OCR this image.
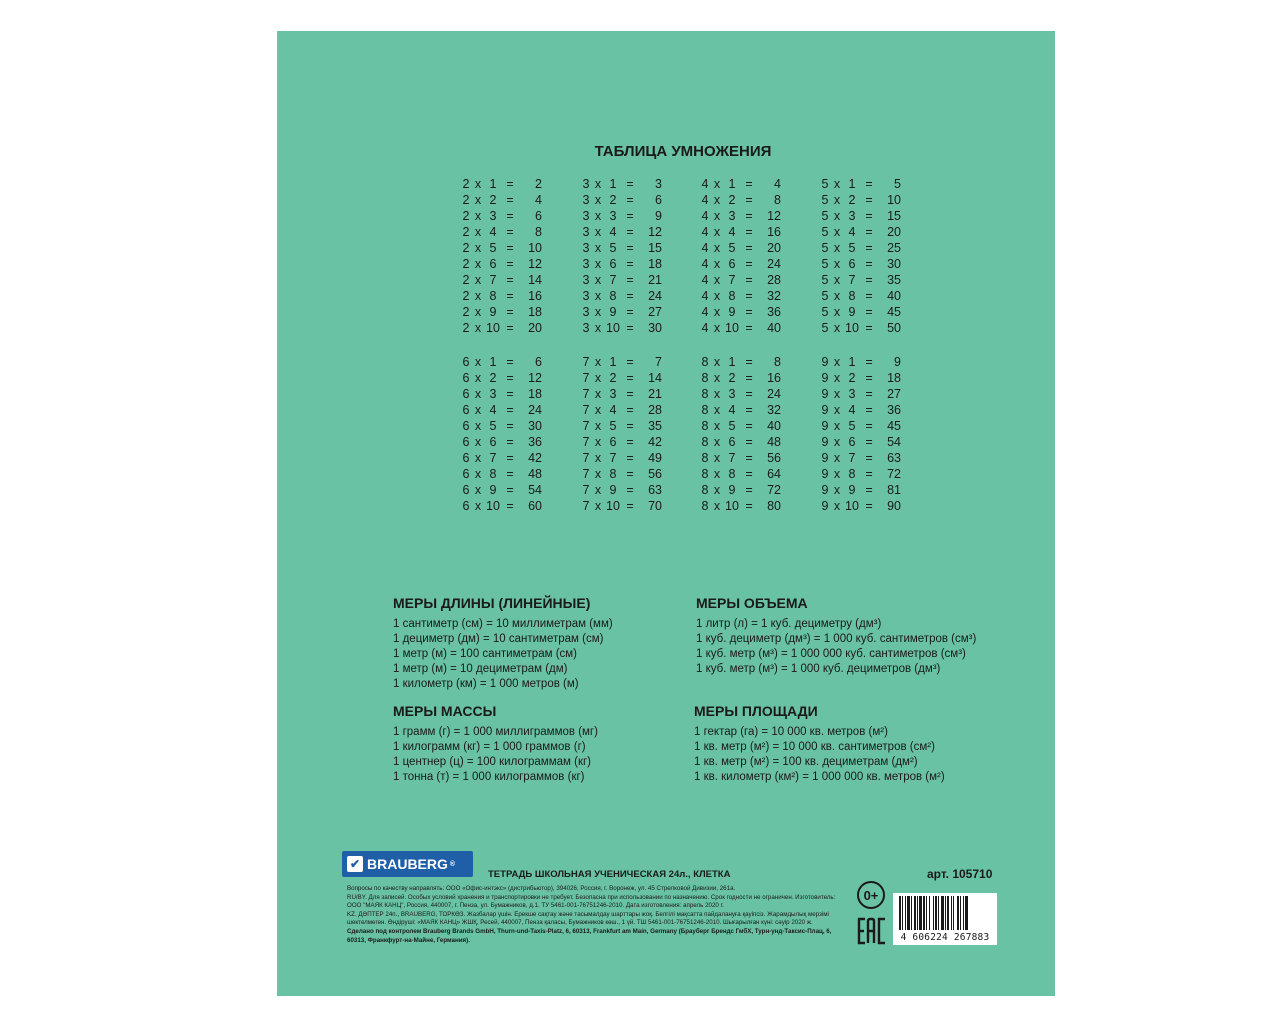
ТАБЛИЦА УМНОЖЕНИЯ
2 x 1 =	2
2 x 2 =	4
2 x 3 =	6
2 x 4 =	8
2 x 5 =	10
2 x 6 =	12
2 x 7 =	14
2 x 8 =	16
2 x 9 =	18
2 x 10 =	20
3 x 1 =	3
3 x 2 =	6
3 x 3 =	9
3 x 4 =	12
3 x 5 =	15
3 x 6 =	18
3 x 7 =	21
3 x 8 =	24
3 x 9 =	27
3 x 10 =	30
4 x 1 =	4
4 x 2 =	8
4 x 3 =	12
4 x 4 =	16
4 x 5 =	20
4 x 6 =	24
4 x 7 =	28
4 x 8 =	32
4 x 9 =	36
4 x 10 =	40
5 x 1 =	5
5 x 2 =	10
5 x 3 =	15
5 x 4 =	20
5 x 5 =	25
5 x 6 =	30
5 x 7 =	35
5 x 8 =	40
5 x 9 =	45
5 x 10 =	50
6 x 1 =	6
6 x 2 =	12
6 x 3 =	18
6 x 4 =	24
6 x 5 =	30
6 x 6 =	36
6 x 7 =	42
6 x 8 =	48
6 x 9 =	54
6 x 10 =	60
7 x 1 =	7
7 x 2 =	14
7 x 3 =	21
7 x 4 =	28
7 x 5 =	35
7 x 6 =	42
7 x 7 =	49
7 x 8 =	56
7 x 9 =	63
7 x 10 =	70
8 x 1 =	8
8 x 2 =	16
8 x 3 =	24
8 x 4 =	32
8 x 5 =	40
8 x 6 =	48
8 x 7 =	56
8 x 8 =	64
8 x 9 =	72
8 x 10 =	80
9 x 1 =	9
9 x 2 =	18
9 x 3 =	27
9 x 4 =	36
9 x 5 =	45
9 x 6 =	54
9 x 7 =	63
9 x 8 =	72
9 x 9 =	81
9 x 10 =	90
МЕРЫ ДЛИНЫ (ЛИНЕЙНЫЕ)
1 сантиметр (см) = 10 миллиметрам (мм)
1 дециметр (дм) = 10 сантиметрам (см)
1 метр (м) = 100 сантиметрам (см)
1 метр (м) = 10 дециметрам (дм)
1 километр (км) = 1 000 метров (м)
МЕРЫ ОБЪЕМА
1 литр (л) = 1 куб. дециметру (дм³)
1 куб. дециметр (дм³) = 1 000 куб. сантиметров (см³)
1 куб. метр (м³) = 1 000 000 куб. сантиметров (см³)
1 куб. метр (м³) = 1 000 куб. дециметров (дм³)
МЕРЫ МАССЫ
1 грамм (г) = 1 000 миллиграммов (мг)
1 килограмм (кг) = 1 000 граммов (г)
1 центнер (ц) = 100 килограммам (кг)
1 тонна (т) = 1 000 килограммов (кг)
МЕРЫ ПЛОЩАДИ
1 гектар (га) = 10 000 кв. метров (м²)
1 кв. метр (м²) = 10 000 кв. сантиметров (см²)
1 кв. метр (м²) = 100 кв. дециметрам (дм²)
1 кв. километр (км²) = 1 000 000 кв. метров (м²)
✔ BRAUBERG ®
ТЕТРАДЬ ШКОЛЬНАЯ УЧЕНИЧЕСКАЯ 24л., КЛЕТКА	арт. 105710
Вопросы по качеству направлять: ООО «Офис-интэкс» (дистрибьютор), 394026, Россия, г. Воронеж, ул. 45 Стрелковой Дивизии, 261а.
RU/BY. Для записей. Особых условий хранения и транспортировки не требует. Безопасна при использовании по назначению. Срок годности не ограничен. Изготовитель:
ООО "МАЯК КАНЦ", Россия, 440007, г. Пенза, ул. Бумажников, д.1. ТУ 5461-001-76751246-2010. Дата изготовления: апрель 2020 г.
KZ. ДӘПТЕР 24п., BRAUBERG, ТОРКӨЗ. Жазбалар үшін. Ерекше сақтау және тасымалдау шарттары жоқ. Белгілі мақсатта пайдалануға қауіпсіз. Жарамдылық мерзімі
шектелмеген. Өндіруші: «МАЯК КАНЦ» ЖШҚ, Ресей, 440007, Пенза қаласы, Бумажников көш., 1 үй. ТШ 5461-001-76751246-2010. Шығарылған күні: сәуір 2020 ж.
Сделано под контролем Brauberg Brands GmbH, Thurn-und-Taxis-Platz, 6, 60313, Frankfurt am Main, Germany (Брауберг Брендс ГмбХ, Турн-унд-Таксис-Плац, 6,
60313, Франкфурт-на-Майне, Германия).
0+
4 606224 267883
